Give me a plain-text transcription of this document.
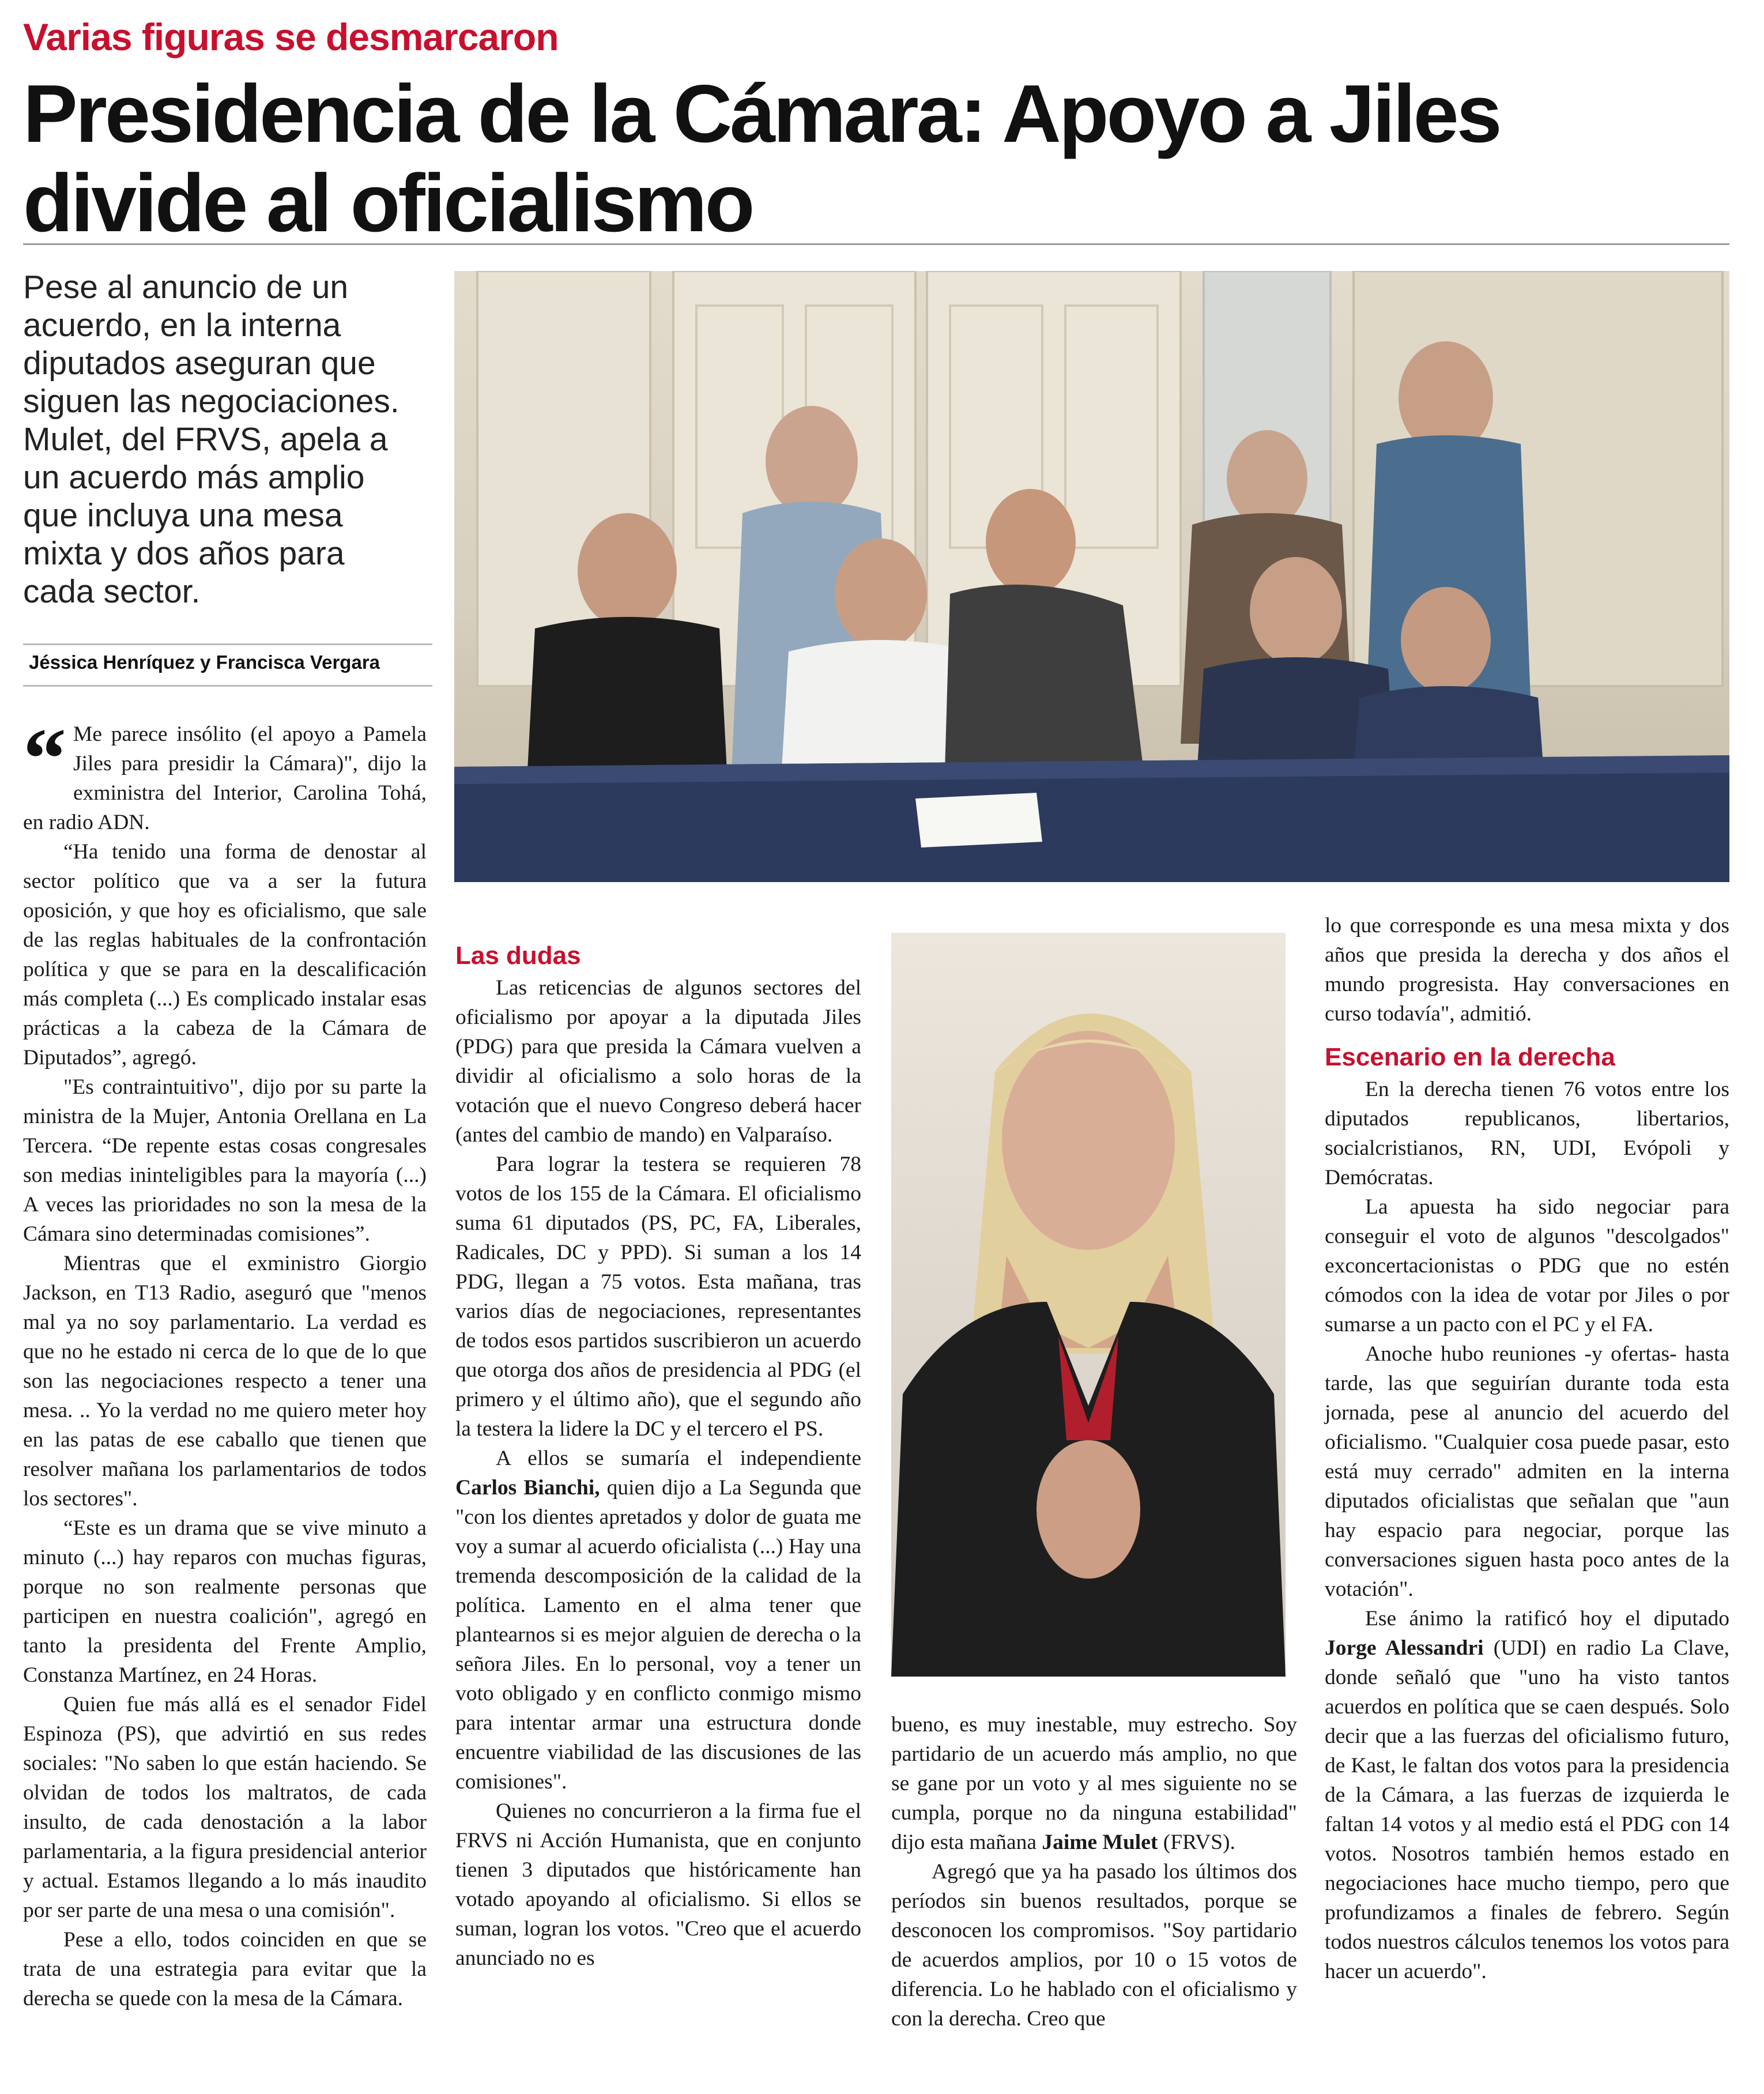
Varias figuras se desmarcaron
Presidencia de la Cámara: Apoyo a Jiles divide al oficialismo
Pese al anuncio de un acuerdo, en la interna diputados aseguran que siguen las negociaciones. Mulet, del FRVS, apela a un acuerdo más amplio que incluya una mesa mixta y dos años para cada sector.
Jéssica Henríquez y Francisca Vergara
“ Me parece insólito (el apoyo a Pamela Jiles para presidir la Cámara)", dijo la exministra del Interior, Carolina Tohá, en radio ADN.

“Ha tenido una forma de denostar al sector político que va a ser la futura oposición, y que hoy es oficialismo, que sale de las reglas habituales de la confrontación política y que se para en la descalificación más completa (...) Es complicado instalar esas prácticas a la cabeza de la Cámara de Diputados”, agregó.

"Es contraintuitivo", dijo por su parte la ministra de la Mujer, Antonia Orellana en La Tercera. “De repente estas cosas congresales son medias ininteligibles para la mayoría (...) A veces las prioridades no son la mesa de la Cámara sino determinadas comisiones”.

Mientras que el exministro Giorgio Jackson, en T13 Radio, aseguró que "menos mal ya no soy parlamentario. La verdad es que no he estado ni cerca de lo que de lo que son las negociaciones respecto a tener una mesa. .. Yo la verdad no me quiero meter hoy en las patas de ese caballo que tienen que resolver mañana los parlamentarios de todos los sectores".

“Este es un drama que se vive minuto a minuto (...) hay reparos con muchas figuras, porque no son realmente personas que participen en nuestra coalición", agregó en tanto la presidenta del Frente Amplio, Constanza Martínez, en 24 Horas.

Quien fue más allá es el senador Fidel Espinoza (PS), que advirtió en sus redes sociales: "No saben lo que están haciendo. Se olvidan de todos los maltratos, de cada insulto, de cada denostación a la labor parlamentaria, a la figura presidencial anterior y actual. Estamos llegando a lo más inaudito por ser parte de una mesa o una comisión".

Pese a ello, todos coinciden en que se trata de una estrategia para evitar que la derecha se quede con la mesa de la Cámara.

Las dudas

Las reticencias de algunos sectores del oficialismo por apoyar a la diputada Jiles (PDG) para que presida la Cámara vuelven a dividir al oficialismo a solo horas de la votación que el nuevo Congreso deberá hacer (antes del cambio de mando) en Valparaíso.

Para lograr la testera se requieren 78 votos de los 155 de la Cámara. El oficialismo suma 61 diputados (PS, PC, FA, Liberales, Radicales, DC y PPD). Si suman a los 14 PDG, llegan a 75 votos. Esta mañana, tras varios días de negociaciones, representantes de todos esos partidos suscribieron un acuerdo que otorga dos años de presidencia al PDG (el primero y el último año), que el segundo año la testera la lidere la DC y el tercero el PS.

A ellos se sumaría el independiente Carlos Bianchi, quien dijo a La Segunda que "con los dientes apretados y dolor de guata me voy a sumar al acuerdo oficialista (...) Hay una tremenda descomposición de la calidad de la política. Lamento en el alma tener que plantearnos si es mejor alguien de derecha o la señora Jiles. En lo personal, voy a tener un voto obligado y en conflicto conmigo mismo para intentar armar una estructura donde encuentre viabilidad de las discusiones de las comisiones".

Quienes no concurrieron a la firma fue el FRVS ni Acción Humanista, que en conjunto tienen 3 diputados que históricamente han votado apoyando al oficialismo. Si ellos se suman, logran los votos. "Creo que el acuerdo anunciado no es

bueno, es muy inestable, muy estrecho. Soy partidario de un acuerdo más amplio, no que se gane por un voto y al mes siguiente no se cumpla, porque no da ninguna estabilidad" dijo esta mañana Jaime Mulet (FRVS).

Agregó que ya ha pasado los últimos dos períodos sin buenos resultados, porque se desconocen los compromisos. "Soy partidario de acuerdos amplios, por 10 o 15 votos de diferencia. Lo he hablado con el oficialismo y con la derecha. Creo que

lo que corresponde es una mesa mixta y dos años que presida la derecha y dos años el mundo progresista. Hay conversaciones en curso todavía", admitió.

Escenario en la derecha

En la derecha tienen 76 votos entre los diputados republicanos, libertarios, socialcristianos, RN, UDI, Evópoli y Demócratas.

La apuesta ha sido negociar para conseguir el voto de algunos "descolgados" exconcertacionistas o PDG que no estén cómodos con la idea de votar por Jiles o por sumarse a un pacto con el PC y el FA.

Anoche hubo reuniones -y ofertas- hasta tarde, las que seguirían durante toda esta jornada, pese al anuncio del acuerdo del oficialismo. "Cualquier cosa puede pasar, esto está muy cerrado" admiten en la interna diputados oficialistas que señalan que "aun hay espacio para negociar, porque las conversaciones siguen hasta poco antes de la votación".

Ese ánimo la ratificó hoy el diputado Jorge Alessandri (UDI) en radio La Clave, donde señaló que "uno ha visto tantos acuerdos en política que se caen después. Solo decir que a las fuerzas del oficialismo futuro, de Kast, le faltan dos votos para la presidencia de la Cámara, a las fuerzas de izquierda le faltan 14 votos y al medio está el PDG con 14 votos. Nosotros también hemos estado en negociaciones hace mucho tiempo, pero que profundizamos a finales de febrero. Según todos nuestros cálculos tenemos los votos para hacer un acuerdo".
